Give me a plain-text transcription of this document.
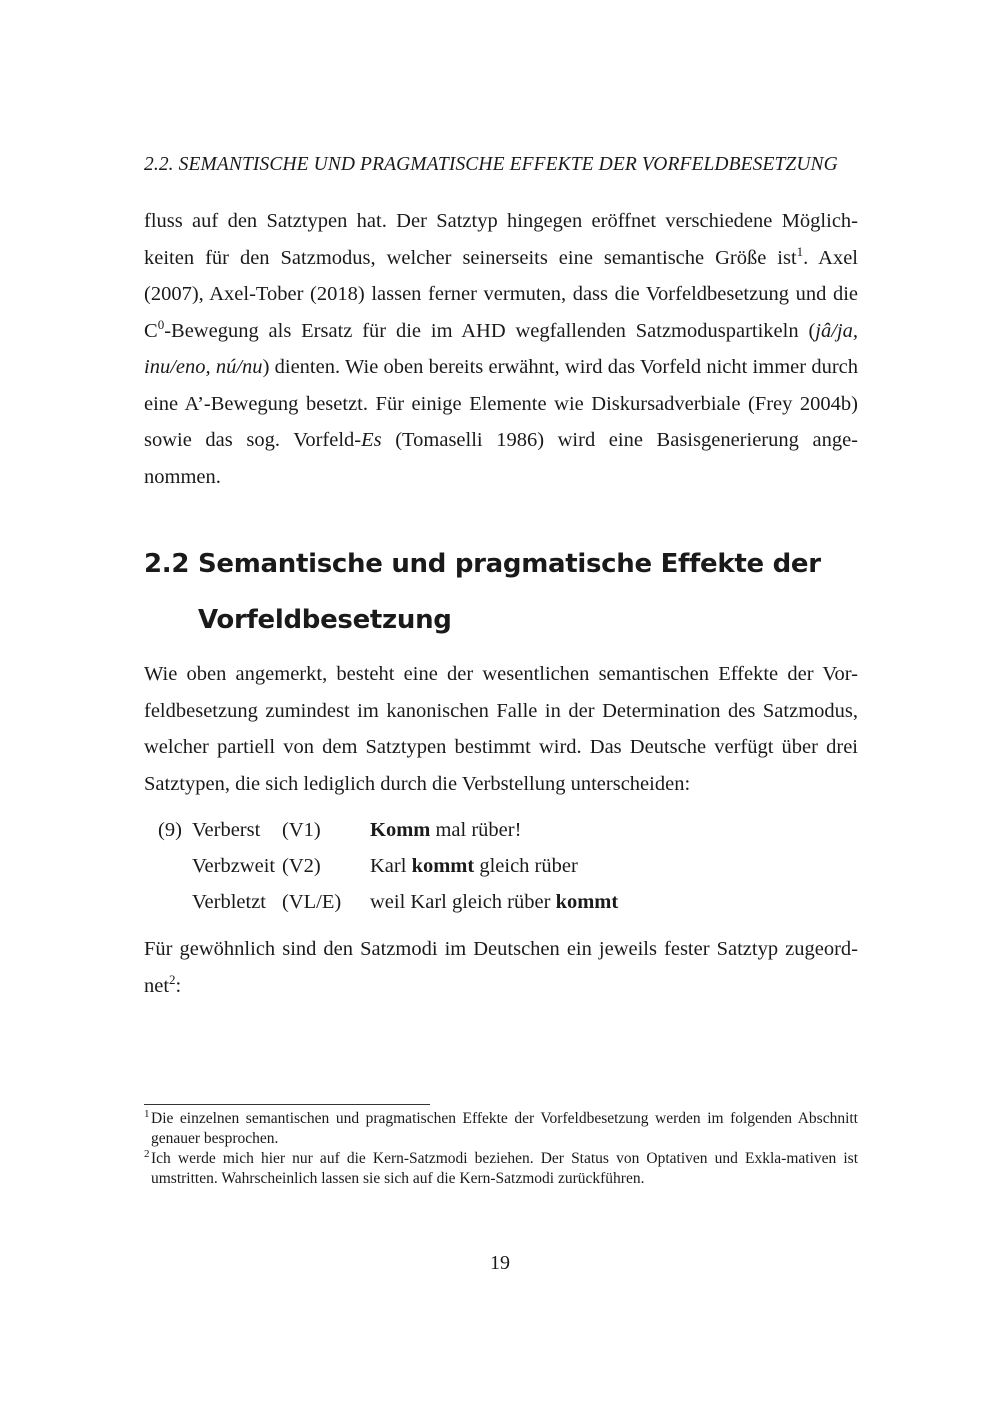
2.2. SEMANTISCHE UND PRAGMATISCHE EFFEKTE DER VORFELDBESETZUNG

fluss auf den Satztypen hat. Der Satztyp hingegen eröffnet verschiedene Möglich-keiten für den Satzmodus, welcher seinerseits eine semantische Größe ist$^1$. Axel (2007), Axel-Tober (2018) lassen ferner vermuten, dass die Vorfeldbesetzung und die $C^0$-Bewegung als Ersatz für die im AHD wegfallenden Satzmoduspartikeln (jâ/ja, inu/eno, nú/nu) dienten. Wie oben bereits erwähnt, wird das Vorfeld nicht immer durch eine A’-Bewegung besetzt. Für einige Elemente wie Diskursadverbiale (Frey 2004b) sowie das sog. Vorfeld-Es (Tomaselli 1986) wird eine Basisgenerierung ange-nommen.

2.2 Semantische und pragmatische Effekte der
Vorfeldbesetzung

Wie oben angemerkt, besteht eine der wesentlichen semantischen Effekte der Vor-feldbesetzung zumindest im kanonischen Falle in der Determination des Satzmodus, welcher partiell von dem Satztypen bestimmt wird. Das Deutsche verfügt über drei Satztypen, die sich lediglich durch die Verbstellung unterscheiden:

(9) Verberst (V1) Komm mal rüber!
Verbzweit (V2) Karl kommt gleich rüber
Verbletzt (VL/E) weil Karl gleich rüber kommt

Für gewöhnlich sind den Satzmodi im Deutschen ein jeweils fester Satztyp zugeord-net$^2$:

1 Die einzelnen semantischen und pragmatischen Effekte der Vorfeldbesetzung werden im folgenden Abschnitt genauer besprochen.
2 Ich werde mich hier nur auf die Kern-Satzmodi beziehen. Der Status von Optativen und Exkla-mativen ist umstritten. Wahrscheinlich lassen sie sich auf die Kern-Satzmodi zurückführen.
19
